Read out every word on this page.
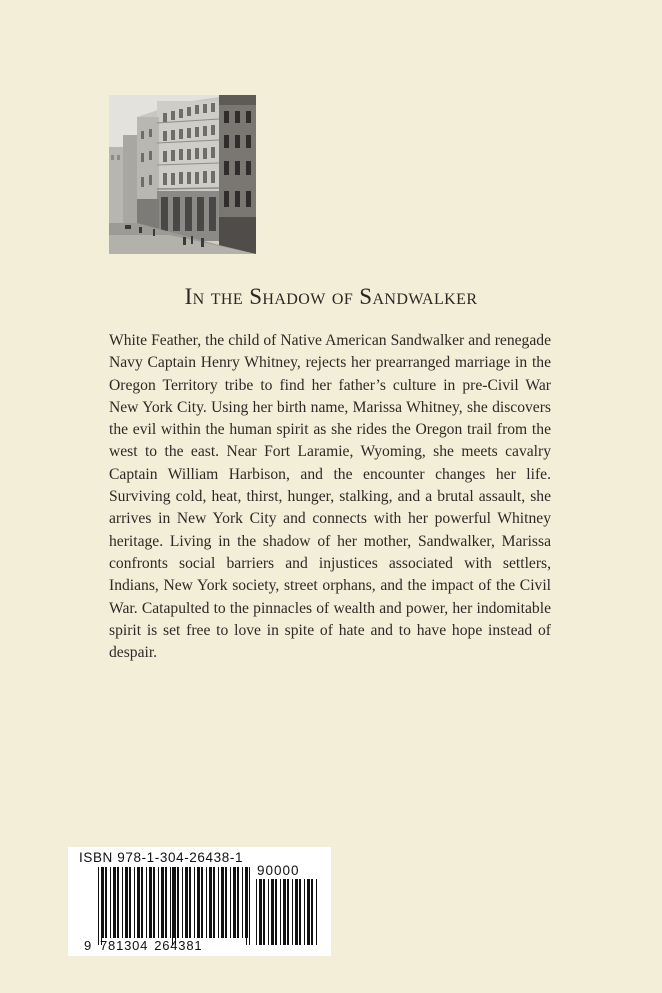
In the Shadow of Sandwalker
White Feather, the child of Native American Sandwalker and renegade Navy Captain Henry Whitney, rejects her prearranged marriage in the Oregon Territory tribe to find her father’s culture in pre-Civil War New York City. Using her birth name, Marissa Whitney, she discovers the evil within the human spirit as she rides the Oregon trail from the west to the east. Near Fort Laramie, Wyoming, she meets cavalry Captain William Harbison, and the encounter changes her life. Surviving cold, heat, thirst, hunger, stalking, and a brutal assault, she arrives in New York City and connects with her powerful Whitney heritage. Living in the shadow of her mother, Sandwalker, Marissa confronts social barriers and injustices associated with settlers, Indians, New York society, street orphans, and the impact of the Civil War. Catapulted to the pinnacles of wealth and power, her indomitable spirit is set free to love in spite of hate and to have hope instead of despair.
ISBN 978-1-304-26438-1
90000
9 781304 264381
